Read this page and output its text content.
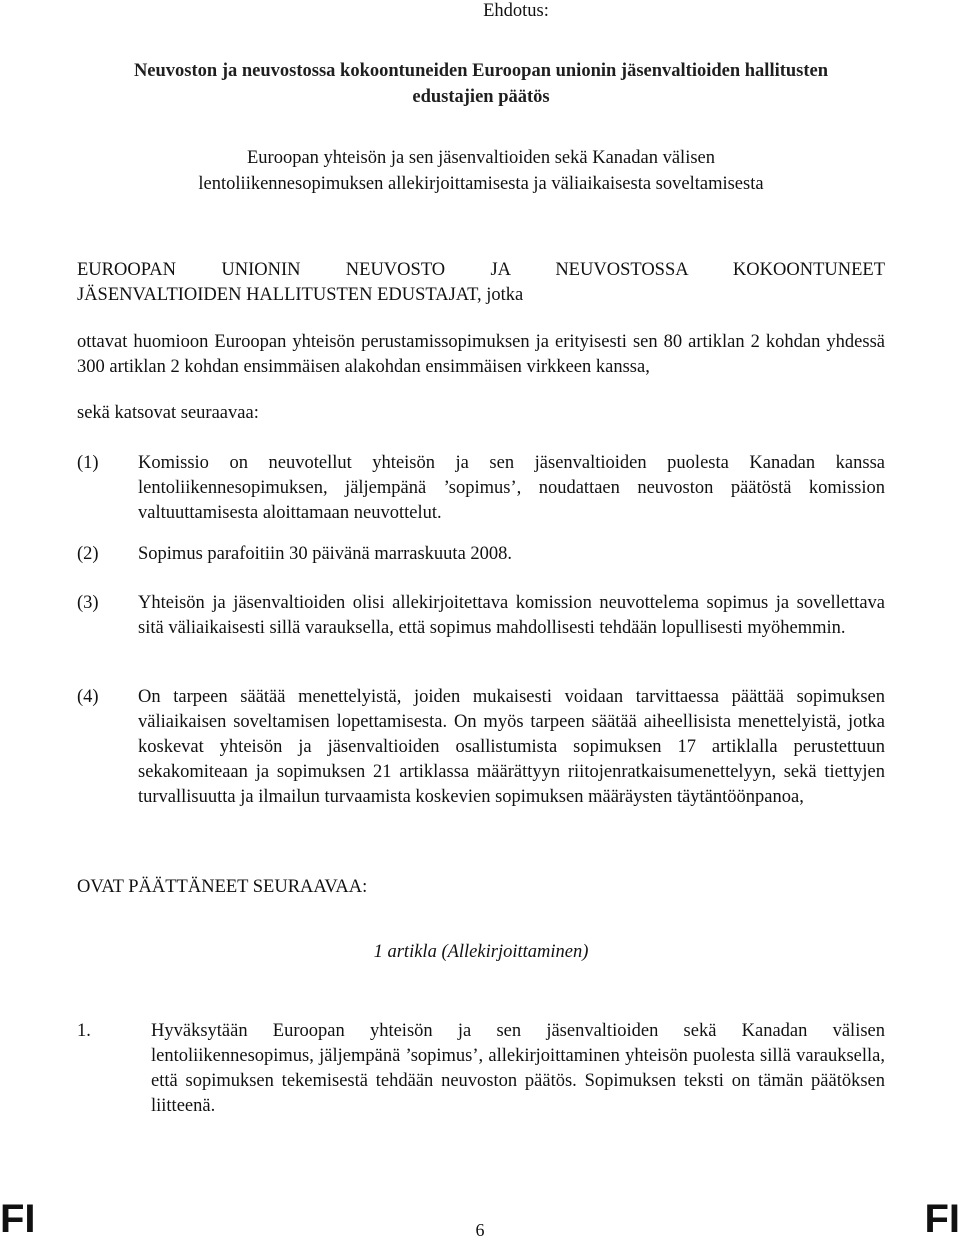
Ehdotus:
Neuvoston ja neuvostossa kokoontuneiden Euroopan unionin jäsenvaltioiden hallitusten
edustajien päätös
Euroopan yhteisön ja sen jäsenvaltioiden sekä Kanadan välisen
lentoliikennesopimuksen allekirjoittamisesta ja väliaikaisesta soveltamisesta
EUROOPAN UNIONIN NEUVOSTO JA NEUVOSTOSSA KOKOONTUNEET
JÄSENVALTIOIDEN HALLITUSTEN EDUSTAJAT, jotka
ottavat huomioon Euroopan yhteisön perustamissopimuksen ja erityisesti sen 80 artiklan 2 kohdan yhdessä 300 artiklan 2 kohdan ensimmäisen alakohdan ensimmäisen virkkeen kanssa,
sekä katsovat seuraavaa:
(1)	Komissio on neuvotellut yhteisön ja sen jäsenvaltioiden puolesta Kanadan kanssa lentoliikennesopimuksen, jäljempänä ’sopimus’, noudattaen neuvoston päätöstä komission valtuuttamisesta aloittamaan neuvottelut.
(2)	Sopimus parafoitiin 30 päivänä marraskuuta 2008.
(3)	Yhteisön ja jäsenvaltioiden olisi allekirjoitettava komission neuvottelema sopimus ja sovellettava sitä väliaikaisesti sillä varauksella, että sopimus mahdollisesti tehdään lopullisesti myöhemmin.
(4)	On tarpeen säätää menettelyistä, joiden mukaisesti voidaan tarvittaessa päättää sopimuksen väliaikaisen soveltamisen lopettamisesta. On myös tarpeen säätää aiheellisista menettelyistä, jotka koskevat yhteisön ja jäsenvaltioiden osallistumista sopimuksen 17 artiklalla perustettuun sekakomiteaan ja sopimuksen 21 artiklassa määrättyyn riitojenratkaisumenettelyyn, sekä tiettyjen turvallisuutta ja ilmailun turvaamista koskevien sopimuksen määräysten täytäntöönpanoa,
OVAT PÄÄTTÄNEET SEURAAVAA:
1 artikla (Allekirjoittaminen)
1.	Hyväksytään Euroopan yhteisön ja sen jäsenvaltioiden sekä Kanadan välisen lentoliikennesopimus, jäljempänä ’sopimus’, allekirjoittaminen yhteisön puolesta sillä varauksella, että sopimuksen tekemisestä tehdään neuvoston päätös. Sopimuksen teksti on tämän päätöksen liitteenä.
FI	6	FI
